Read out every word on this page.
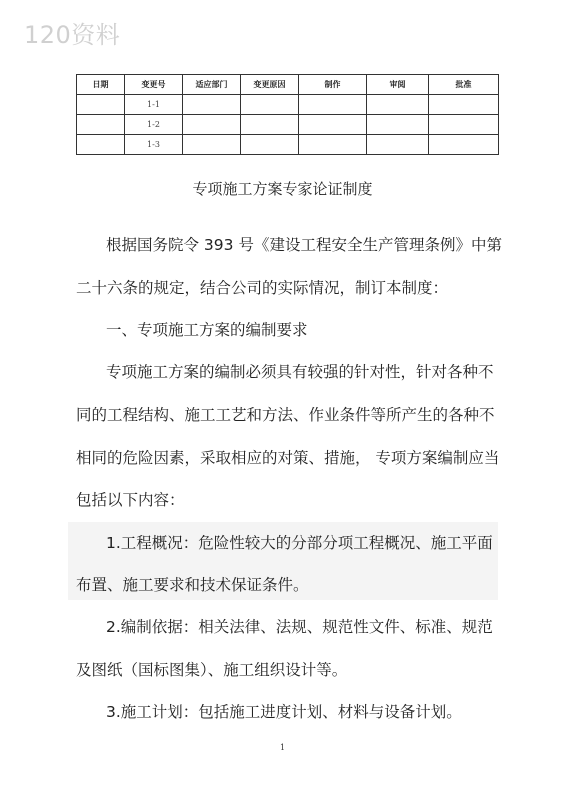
120资料
日期	变更号	适应部门	变更原因	制作	审阅	批准
	1-1					
	1-2					
	1-3					
专项施工方案专家论证制度
根据国务院令 393 号《建设工程安全生产管理条例》中第
二十六条的规定，结合公司的实际情况，制订本制度：
一、专项施工方案的编制要求
专项施工方案的编制必须具有较强的针对性，针对各种不
同的工程结构、施工工艺和方法、作业条件等所产生的各种不
相同的危险因素，采取相应的对策、措施， 专项方案编制应当
包括以下内容：
1.工程概况：危险性较大的分部分项工程概况、施工平面
布置、施工要求和技术保证条件。
2.编制依据：相关法律、法规、规范性文件、标准、规范
及图纸（国标图集）、施工组织设计等。
3.施工计划：包括施工进度计划、材料与设备计划。
1
